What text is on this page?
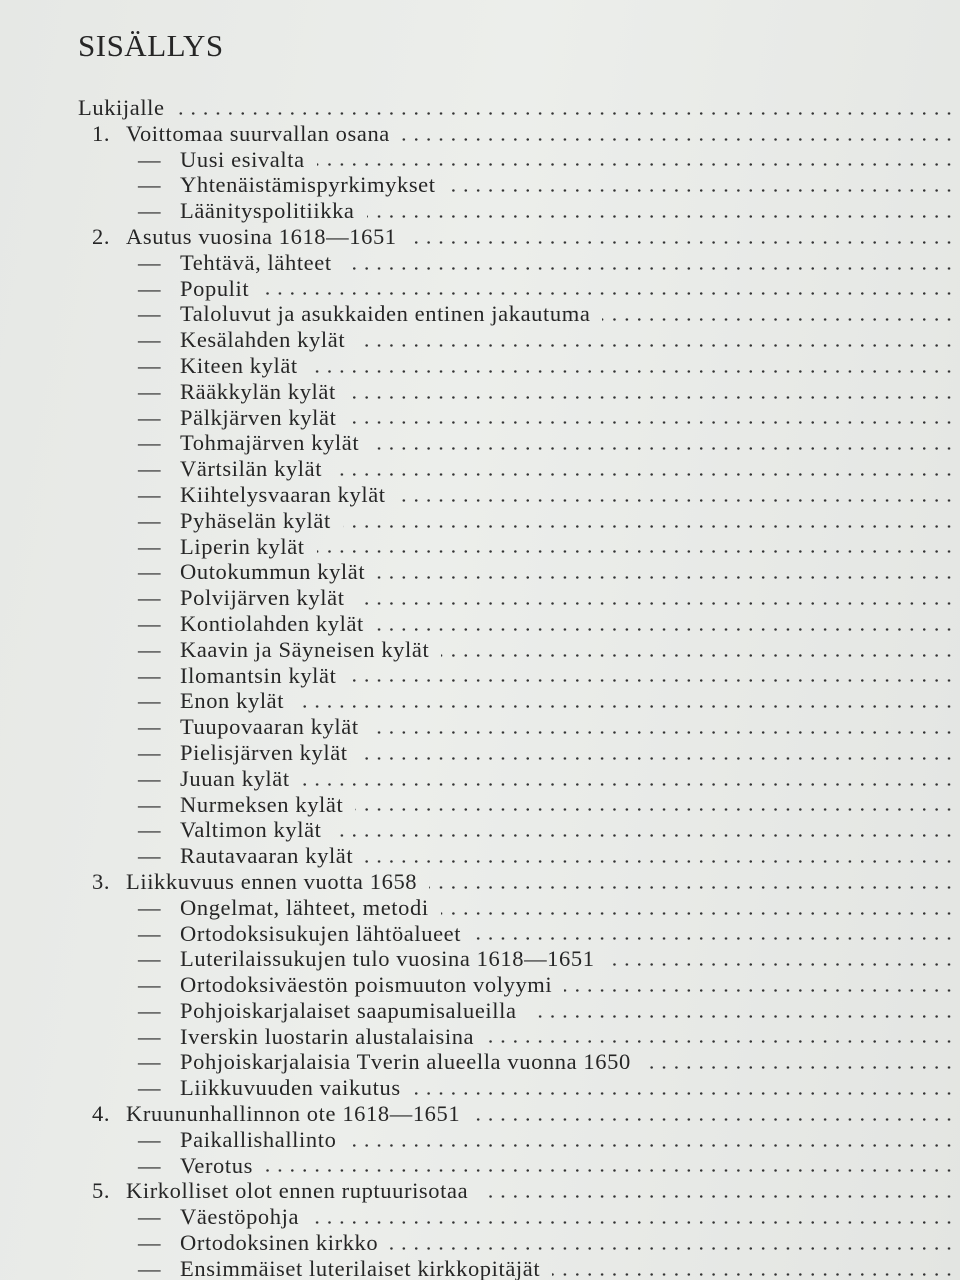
SISÄLLYS
Lukijalle
1. Voittomaa suurvallan osana
— Uusi esivalta
— Yhtenäistämispyrkimykset
— Läänityspolitiikka
2. Asutus vuosina 1618—1651
— Tehtävä, lähteet
— Populit
— Taloluvut ja asukkaiden entinen jakautuma
— Kesälahden kylät
— Kiteen kylät
— Rääkkylän kylät
— Pälkjärven kylät
— Tohmajärven kylät
— Värtsilän kylät
— Kiihtelysvaaran kylät
— Pyhäselän kylät
— Liperin kylät
— Outokummun kylät
— Polvijärven kylät
— Kontiolahden kylät
— Kaavin ja Säyneisen kylät
— Ilomantsin kylät
— Enon kylät
— Tuupovaaran kylät
— Pielisjärven kylät
— Juuan kylät
— Nurmeksen kylät
— Valtimon kylät
— Rautavaaran kylät
3. Liikkuvuus ennen vuotta 1658
— Ongelmat, lähteet, metodi
— Ortodoksisukujen lähtöalueet
— Luterilaissukujen tulo vuosina 1618—1651
— Ortodoksiväestön poismuuton volyymi
— Pohjoiskarjalaiset saapumisalueilla
— Iverskin luostarin alustalaisina
— Pohjoiskarjalaisia Tverin alueella vuonna 1650
— Liikkuvuuden vaikutus
4. Kruununhallinnon ote 1618—1651
— Paikallishallinto
— Verotus
5. Kirkolliset olot ennen ruptuurisotaa
— Väestöpohja
— Ortodoksinen kirkko
— Ensimmäiset luterilaiset kirkkopitäjät
